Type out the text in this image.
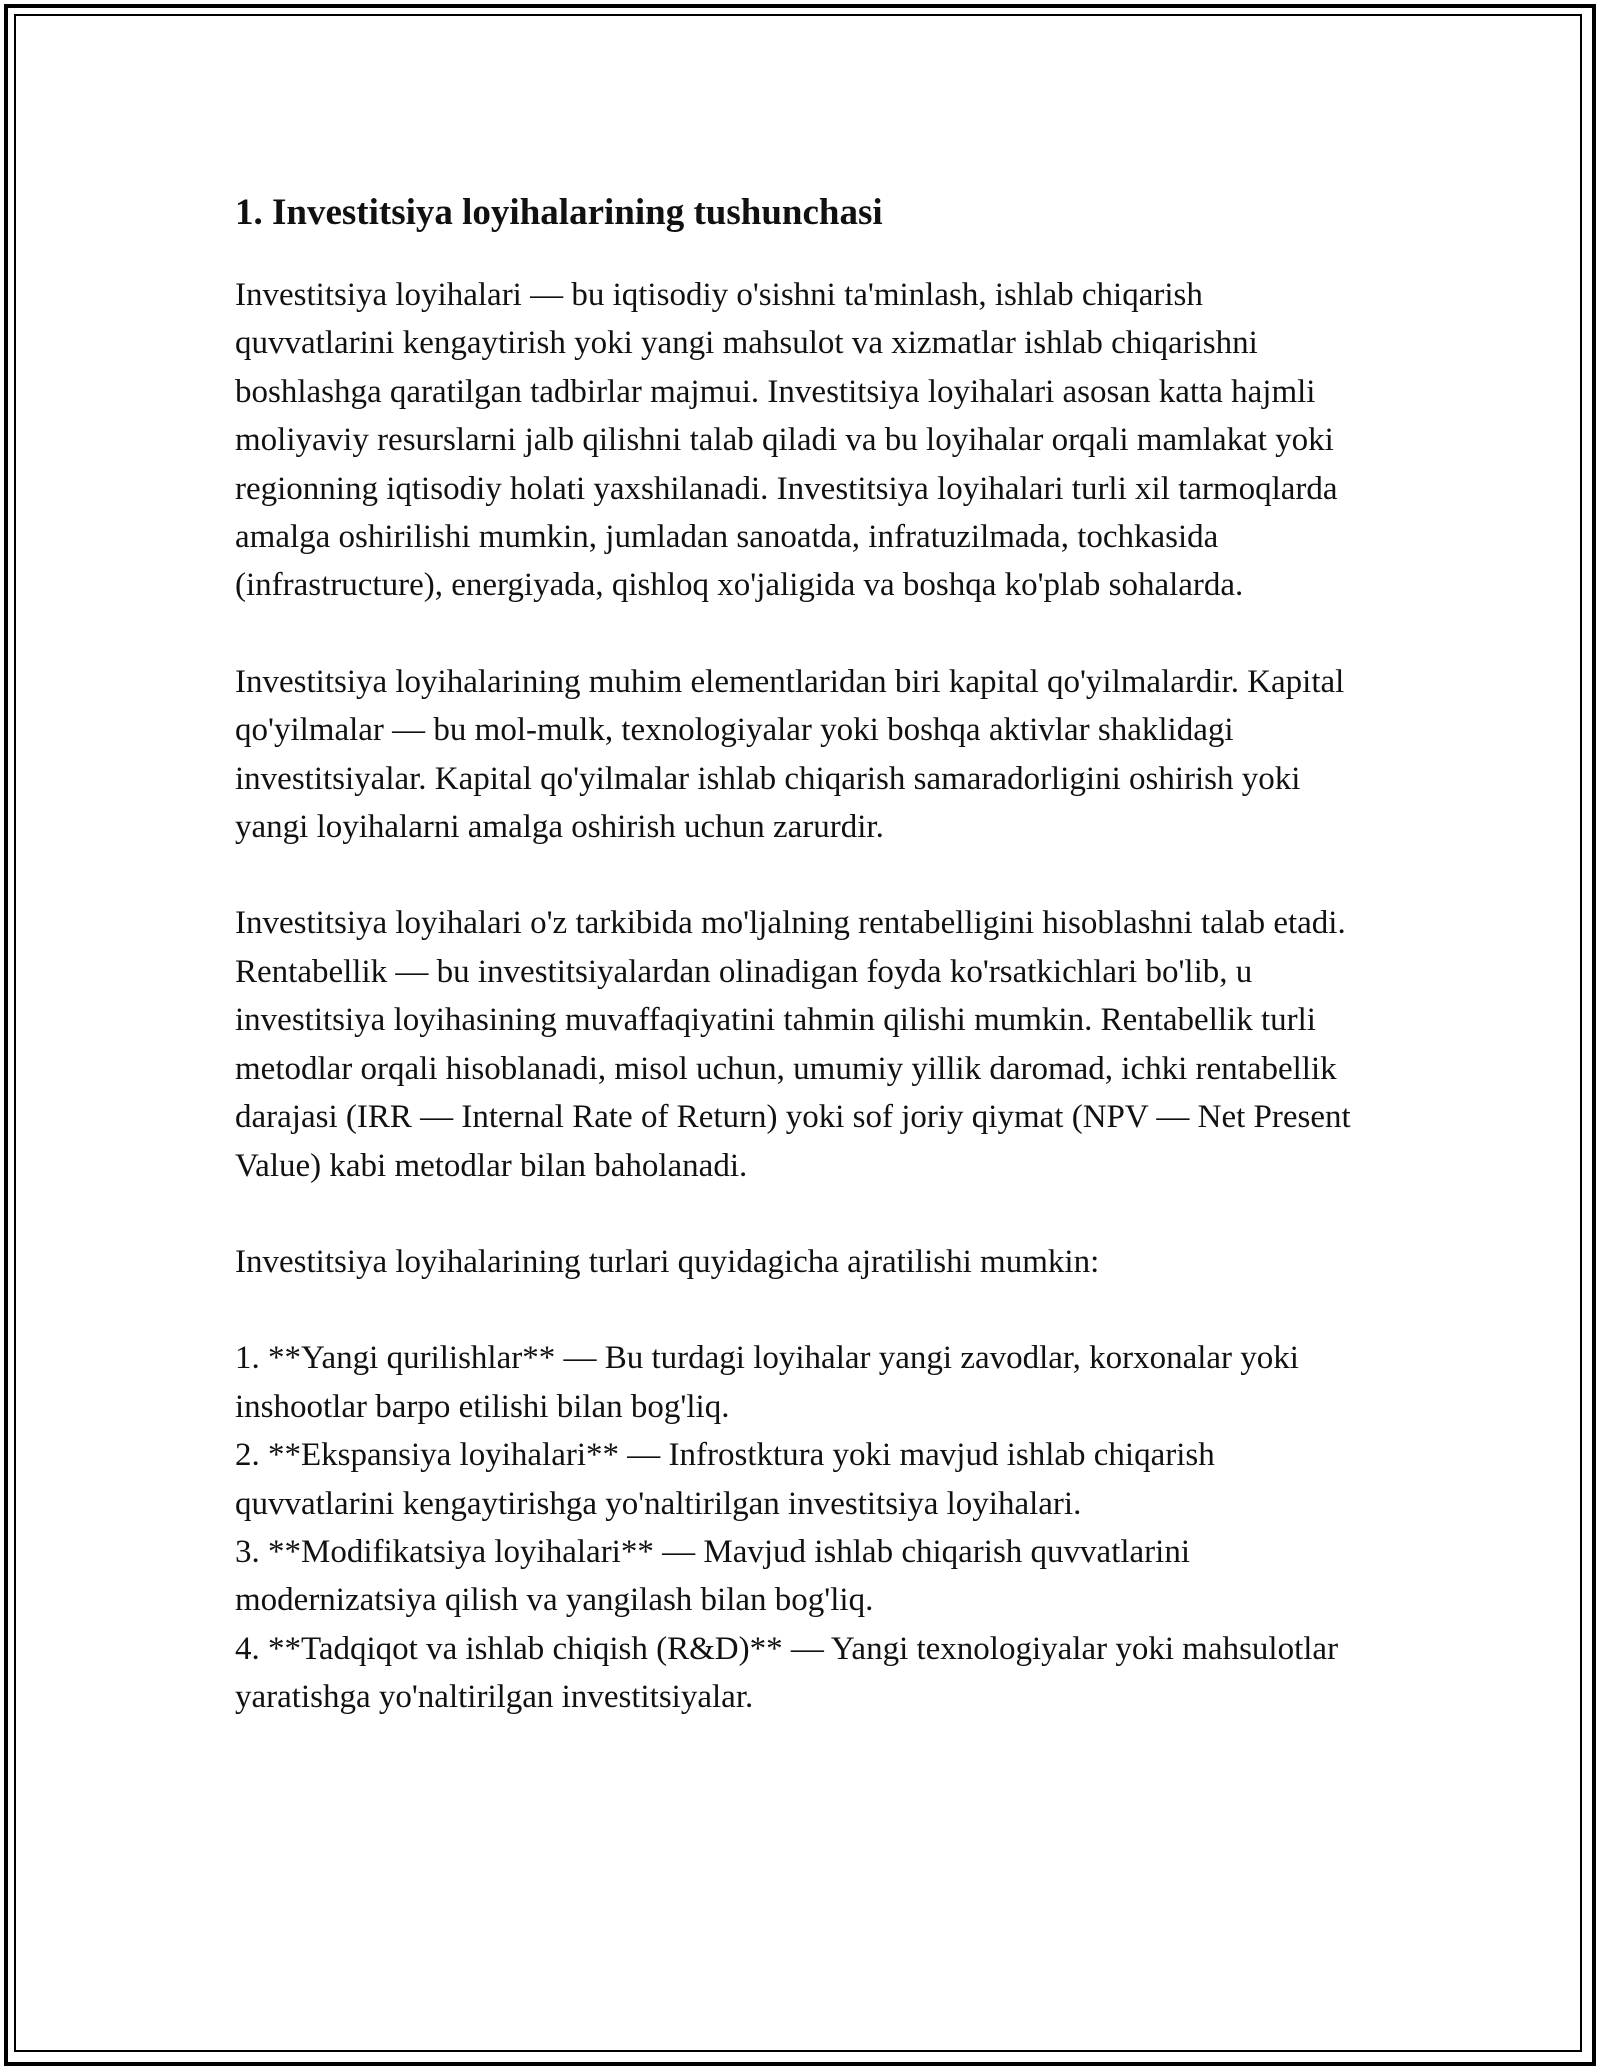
1. Investitsiya loyihalarining tushunchasi

Investitsiya loyihalari — bu iqtisodiy o'sishni ta'minlash, ishlab chiqarish quvvatlarini kengaytirish yoki yangi mahsulot va xizmatlar ishlab chiqarishni boshlashga qaratilgan tadbirlar majmui. Investitsiya loyihalari asosan katta hajmli moliyaviy resurslarni jalb qilishni talab qiladi va bu loyihalar orqali mamlakat yoki regionning iqtisodiy holati yaxshilanadi. Investitsiya loyihalari turli xil tarmoqlarda amalga oshirilishi mumkin, jumladan sanoatda, infratuzilmada, tochkasida (infrastructure), energiyada, qishloq xo'jaligida va boshqa ko'plab sohalarda.

Investitsiya loyihalarining muhim elementlaridan biri kapital qo'yilmalardir. Kapital qo'yilmalar — bu mol-mulk, texnologiyalar yoki boshqa aktivlar shaklidagi investitsiyalar. Kapital qo'yilmalar ishlab chiqarish samaradorligini oshirish yoki yangi loyihalarni amalga oshirish uchun zarurdir.

Investitsiya loyihalari o'z tarkibida mo'ljalning rentabelligini hisoblashni talab etadi. Rentabellik — bu investitsiyalardan olinadigan foyda ko'rsatkichlari bo'lib, u investitsiya loyihasining muvaffaqiyatini tahmin qilishi mumkin. Rentabellik turli metodlar orqali hisoblanadi, misol uchun, umumiy yillik daromad, ichki rentabellik darajasi (IRR — Internal Rate of Return) yoki sof joriy qiymat (NPV — Net Present Value) kabi metodlar bilan baholanadi.

Investitsiya loyihalarining turlari quyidagicha ajratilishi mumkin:

1. **Yangi qurilishlar** — Bu turdagi loyihalar yangi zavodlar, korxonalar yoki inshootlar barpo etilishi bilan bog'liq.
2. **Ekspansiya loyihalari** — Infrostktura yoki mavjud ishlab chiqarish quvvatlarini kengaytirishga yo'naltirilgan investitsiya loyihalari.
3. **Modifikatsiya loyihalari** — Mavjud ishlab chiqarish quvvatlarini modernizatsiya qilish va yangilash bilan bog'liq.
4. **Tadqiqot va ishlab chiqish (R&D)** — Yangi texnologiyalar yoki mahsulotlar yaratishga yo'naltirilgan investitsiyalar.
